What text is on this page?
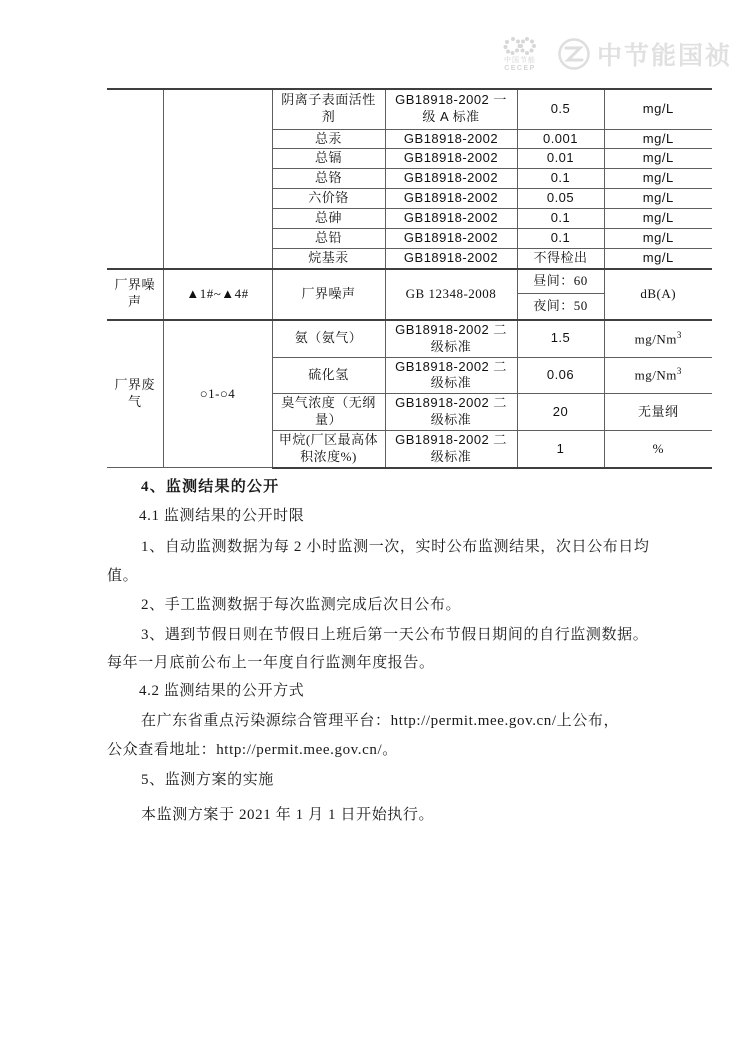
中国节能
CECEP 中节能国祯
		阴离子表面活性剂	GB18918-2002 一级 A 标准	0.5	mg/L
		总汞	GB18918-2002	0.001	mg/L
		总镉	GB18918-2002	0.01	mg/L
		总铬	GB18918-2002	0.1	mg/L
		六价铬	GB18918-2002	0.05	mg/L
		总砷	GB18918-2002	0.1	mg/L
		总铅	GB18918-2002	0.1	mg/L
		烷基汞	GB18918-2002	不得检出	mg/L
厂界噪声	▲1#~▲4#	厂界噪声	GB 12348-2008	昼间：60	dB(A)
				夜间：50	
厂界废气	○1-○4	氨（氨气）	GB18918-2002 二级标准	1.5	mg/Nm$^3$
		硫化氢	GB18918-2002 二级标准	0.06	mg/Nm$^3$
		臭气浓度（无纲量）	GB18918-2002 二级标准	20	无量纲
		甲烷(厂区最高体积浓度%)	GB18918-2002 二级标准	1	%
4、监测结果的公开
4.1 监测结果的公开时限
1、自动监测数据为每 2 小时监测一次，实时公布监测结果，次日公布日均
值。
2、手工监测数据于每次监测完成后次日公布。
3、遇到节假日则在节假日上班后第一天公布节假日期间的自行监测数据。
每年一月底前公布上一年度自行监测年度报告。
4.2 监测结果的公开方式
在广东省重点污染源综合管理平台：http://permit.mee.gov.cn/上公布，
公众查看地址：http://permit.mee.gov.cn/。
5、监测方案的实施
本监测方案于 2021 年 1 月 1 日开始执行。
